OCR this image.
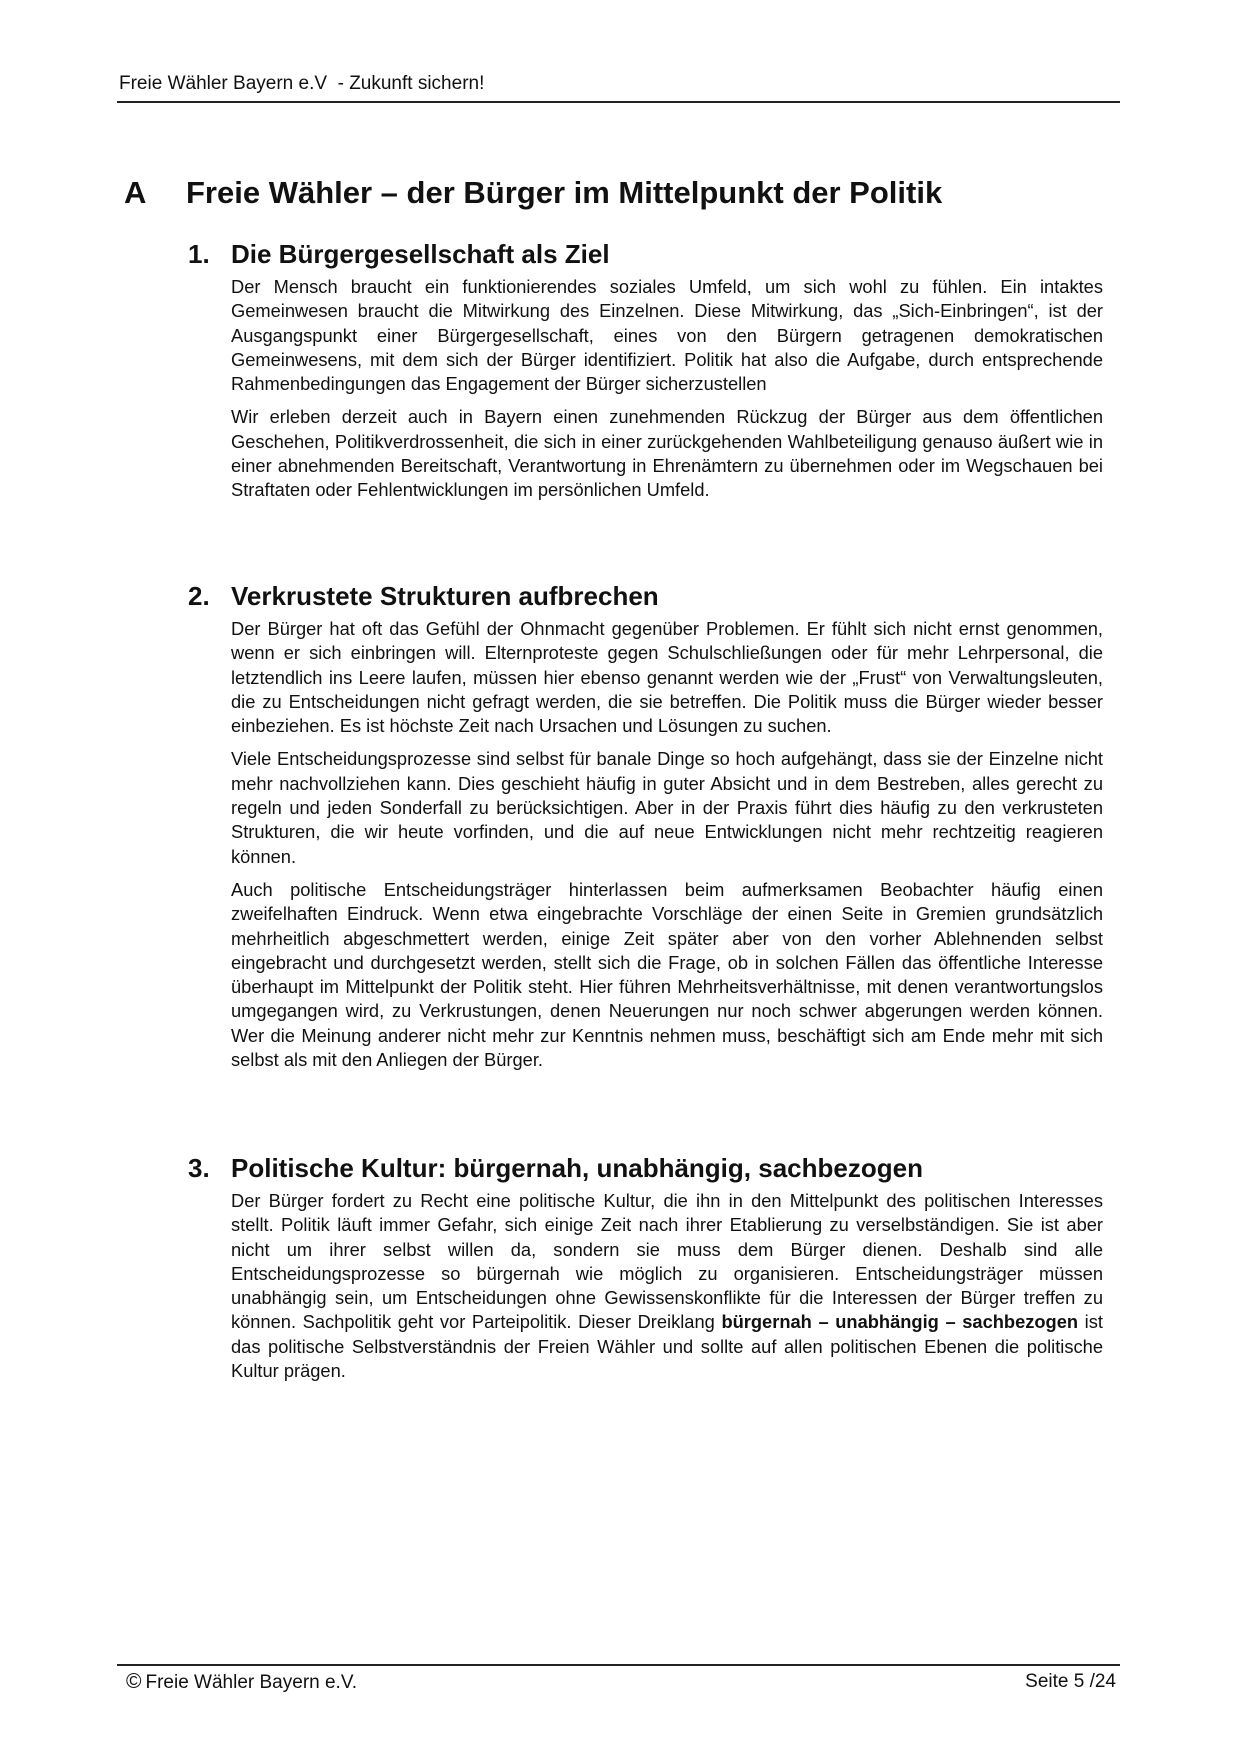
Freie Wähler Bayern e.V  - Zukunft sichern!
A Freie Wähler – der Bürger im Mittelpunkt der Politik
1. Die Bürgergesellschaft als Ziel

Der Mensch braucht ein funktionierendes soziales Umfeld, um sich wohl zu fühlen. Ein intaktes Gemeinwesen braucht die Mitwirkung des Einzelnen. Diese Mitwirkung, das „Sich-Einbringen“, ist der Ausgangspunkt einer Bürgergesellschaft, eines von den Bürgern getragenen demokratischen Gemeinwesens, mit dem sich der Bürger identifiziert. Politik hat also die Aufgabe, durch entsprechende Rahmenbedingungen das Engagement der Bürger sicherzustellen

Wir erleben derzeit auch in Bayern einen zunehmenden Rückzug der Bürger aus dem öffentlichen Geschehen, Politikverdrossenheit, die sich in einer zurückgehenden Wahlbeteiligung genauso äußert wie in einer abnehmenden Bereitschaft, Verantwortung in Ehrenämtern zu übernehmen oder im Wegschauen bei Straftaten oder Fehlentwicklungen im persönlichen Umfeld.

2. Verkrustete Strukturen aufbrechen

Der Bürger hat oft das Gefühl der Ohnmacht gegenüber Problemen. Er fühlt sich nicht ernst genommen, wenn er sich einbringen will. Elternproteste gegen Schulschließungen oder für mehr Lehrpersonal, die letztendlich ins Leere laufen, müssen hier ebenso genannt werden wie der „Frust“ von Verwaltungsleuten, die zu Entscheidungen nicht gefragt werden, die sie betreffen. Die Politik muss die Bürger wieder besser einbeziehen. Es ist höchste Zeit nach Ursachen und Lösungen zu suchen.

Viele Entscheidungsprozesse sind selbst für banale Dinge so hoch aufgehängt, dass sie der Einzelne nicht mehr nachvollziehen kann. Dies geschieht häufig in guter Absicht und in dem Bestreben, alles gerecht zu regeln und jeden Sonderfall zu berücksichtigen. Aber in der Praxis führt dies häufig zu den verkrusteten Strukturen, die wir heute vorfinden, und die auf neue Entwicklungen nicht mehr rechtzeitig reagieren können.

Auch politische Entscheidungsträger hinterlassen beim aufmerksamen Beobachter häufig einen zweifelhaften Eindruck. Wenn etwa eingebrachte Vorschläge der einen Seite in Gremien grundsätzlich mehrheitlich abgeschmettert werden, einige Zeit später aber von den vorher Ablehnenden selbst eingebracht und durchgesetzt werden, stellt sich die Frage, ob in solchen Fällen das öffentliche Interesse überhaupt im Mittelpunkt der Politik steht. Hier führen Mehrheitsverhältnisse, mit denen verantwortungslos umgegangen wird, zu Verkrustungen, denen Neuerungen nur noch schwer abgerungen werden können. Wer die Meinung anderer nicht mehr zur Kenntnis nehmen muss, beschäftigt sich am Ende mehr mit sich selbst als mit den Anliegen der Bürger.

3. Politische Kultur: bürgernah, unabhängig, sachbezogen

Der Bürger fordert zu Recht eine politische Kultur, die ihn in den Mittelpunkt des politischen Interesses stellt. Politik läuft immer Gefahr, sich einige Zeit nach ihrer Etablierung zu verselbständigen. Sie ist aber nicht um ihrer selbst willen da, sondern sie muss dem Bürger dienen. Deshalb sind alle Entscheidungsprozesse so bürgernah wie möglich zu organisieren. Entscheidungsträger müssen unabhängig sein, um Entscheidungen ohne Gewissenskonflikte für die Interessen der Bürger treffen zu können. Sachpolitik geht vor Parteipolitik. Dieser Dreiklang bürgernah – unabhängig – sachbezogen ist das politische Selbstverständnis der Freien Wähler und sollte auf allen politischen Ebenen die politische Kultur prägen.

© Freie Wähler Bayern e.V.	Seite 5 /24
